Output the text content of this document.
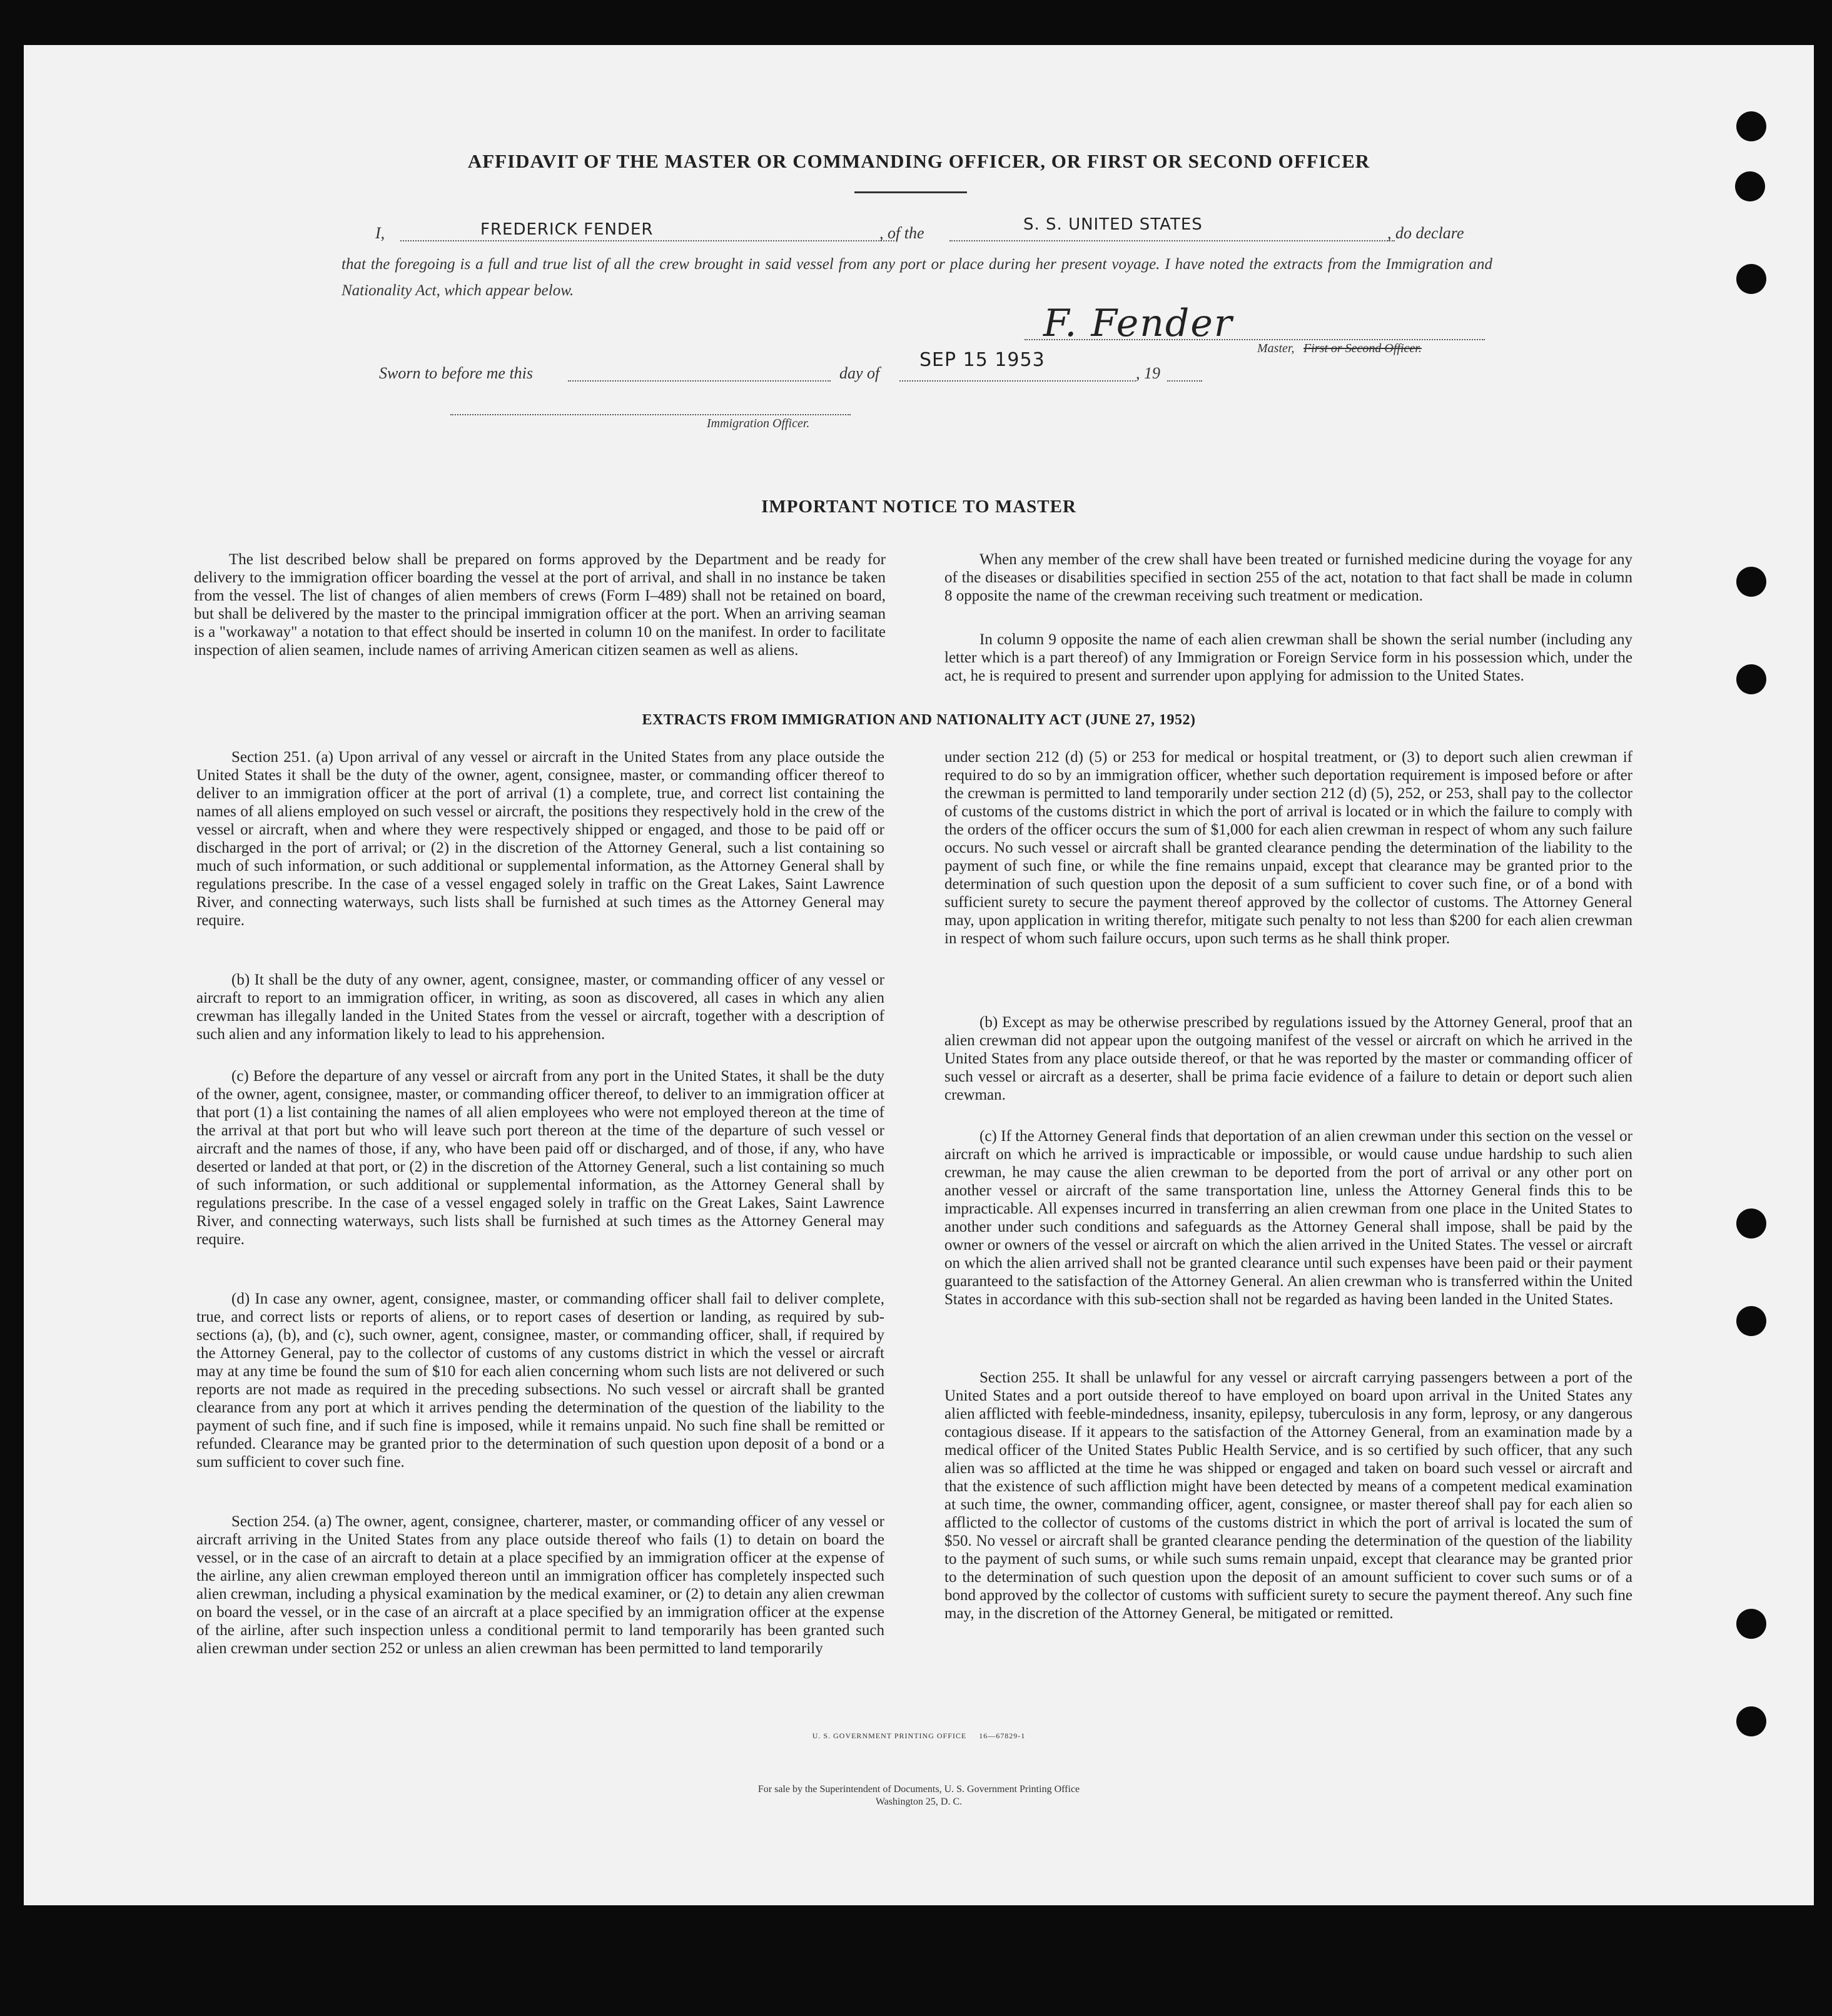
AFFIDAVIT OF THE MASTER OR COMMANDING OFFICER, OR FIRST OR SECOND OFFICER
I,	FREDERICK FENDER	, of the	S. S. UNITED STATES	, do declare
that the foregoing is a full and true list of all the crew brought in said vessel from any port or place during her present voyage. I have noted the extracts from the Immigration and Nationality Act, which appear below.
F. Fender
Master, First or Second Officer.
Sworn to before me this	day of
SEP 15 1953
, 19
Immigration Officer.
IMPORTANT NOTICE TO MASTER

The list described below shall be prepared on forms approved by the Department and be ready for delivery to the immigration officer boarding the vessel at the port of arrival, and shall in no instance be taken from the vessel. The list of changes of alien members of crews (Form I–489) shall not be retained on board, but shall be delivered by the master to the principal immigration officer at the port. When an arriving seaman is a "workaway" a notation to that effect should be inserted in column 10 on the manifest. In order to facilitate inspection of alien seamen, include names of arriving American citizen seamen as well as aliens.

When any member of the crew shall have been treated or furnished medicine during the voyage for any of the diseases or disabilities specified in section 255 of the act, notation to that fact shall be made in column 8 opposite the name of the crewman receiving such treatment or medication.

In column 9 opposite the name of each alien crewman shall be shown the serial number (including any letter which is a part thereof) of any Immigration or Foreign Service form in his possession which, under the act, he is required to present and surrender upon applying for admission to the United States.

EXTRACTS FROM IMMIGRATION AND NATIONALITY ACT (JUNE 27, 1952)

Section 251. (a) Upon arrival of any vessel or aircraft in the United States from any place outside the United States it shall be the duty of the owner, agent, consignee, master, or commanding officer thereof to deliver to an immigration officer at the port of arrival (1) a complete, true, and correct list containing the names of all aliens employed on such vessel or aircraft, the positions they respectively hold in the crew of the vessel or aircraft, when and where they were respectively shipped or engaged, and those to be paid off or discharged in the port of arrival; or (2) in the discretion of the Attorney General, such a list containing so much of such information, or such additional or supplemental information, as the Attorney General shall by regulations prescribe. In the case of a vessel engaged solely in traffic on the Great Lakes, Saint Lawrence River, and connecting waterways, such lists shall be furnished at such times as the Attorney General may require.

(b) It shall be the duty of any owner, agent, consignee, master, or commanding officer of any vessel or aircraft to report to an immigration officer, in writing, as soon as discovered, all cases in which any alien crewman has illegally landed in the United States from the vessel or aircraft, together with a description of such alien and any information likely to lead to his apprehension.

(c) Before the departure of any vessel or aircraft from any port in the United States, it shall be the duty of the owner, agent, consignee, master, or commanding officer thereof, to deliver to an immigration officer at that port (1) a list containing the names of all alien employees who were not employed thereon at the time of the arrival at that port but who will leave such port thereon at the time of the departure of such vessel or aircraft and the names of those, if any, who have been paid off or discharged, and of those, if any, who have deserted or landed at that port, or (2) in the discretion of the Attorney General, such a list containing so much of such information, or such additional or supplemental information, as the Attorney General shall by regulations prescribe. In the case of a vessel engaged solely in traffic on the Great Lakes, Saint Lawrence River, and connecting waterways, such lists shall be furnished at such times as the Attorney General may require.

(d) In case any owner, agent, consignee, master, or commanding officer shall fail to deliver complete, true, and correct lists or reports of aliens, or to report cases of desertion or landing, as required by sub-sections (a), (b), and (c), such owner, agent, consignee, master, or commanding officer, shall, if required by the Attorney General, pay to the collector of customs of any customs district in which the vessel or aircraft may at any time be found the sum of $10 for each alien concerning whom such lists are not delivered or such reports are not made as required in the preceding subsections. No such vessel or aircraft shall be granted clearance from any port at which it arrives pending the determination of the question of the liability to the payment of such fine, and if such fine is imposed, while it remains unpaid. No such fine shall be remitted or refunded. Clearance may be granted prior to the determination of such question upon deposit of a bond or a sum sufficient to cover such fine.

Section 254. (a) The owner, agent, consignee, charterer, master, or commanding officer of any vessel or aircraft arriving in the United States from any place outside thereof who fails (1) to detain on board the vessel, or in the case of an aircraft to detain at a place specified by an immigration officer at the expense of the airline, any alien crewman employed thereon until an immigration officer has completely inspected such alien crewman, including a physical examination by the medical examiner, or (2) to detain any alien crewman on board the vessel, or in the case of an aircraft at a place specified by an immigration officer at the expense of the airline, after such inspection unless a conditional permit to land temporarily has been granted such alien crewman under section 252 or unless an alien crewman has been permitted to land temporarily

under section 212 (d) (5) or 253 for medical or hospital treatment, or (3) to deport such alien crewman if required to do so by an immigration officer, whether such deportation requirement is imposed before or after the crewman is permitted to land temporarily under section 212 (d) (5), 252, or 253, shall pay to the collector of customs of the customs district in which the port of arrival is located or in which the failure to comply with the orders of the officer occurs the sum of $1,000 for each alien crewman in respect of whom any such failure occurs. No such vessel or aircraft shall be granted clearance pending the determination of the liability to the payment of such fine, or while the fine remains unpaid, except that clearance may be granted prior to the determination of such question upon the deposit of a sum sufficient to cover such fine, or of a bond with sufficient surety to secure the payment thereof approved by the collector of customs. The Attorney General may, upon application in writing therefor, mitigate such penalty to not less than $200 for each alien crewman in respect of whom such failure occurs, upon such terms as he shall think proper.

(b) Except as may be otherwise prescribed by regulations issued by the Attorney General, proof that an alien crewman did not appear upon the outgoing manifest of the vessel or aircraft on which he arrived in the United States from any place outside thereof, or that he was reported by the master or commanding officer of such vessel or aircraft as a deserter, shall be prima facie evidence of a failure to detain or deport such alien crewman.

(c) If the Attorney General finds that deportation of an alien crewman under this section on the vessel or aircraft on which he arrived is impracticable or impossible, or would cause undue hardship to such alien crewman, he may cause the alien crewman to be deported from the port of arrival or any other port on another vessel or aircraft of the same transportation line, unless the Attorney General finds this to be impracticable. All expenses incurred in transferring an alien crewman from one place in the United States to another under such conditions and safeguards as the Attorney General shall impose, shall be paid by the owner or owners of the vessel or aircraft on which the alien arrived in the United States. The vessel or aircraft on which the alien arrived shall not be granted clearance until such expenses have been paid or their payment guaranteed to the satisfaction of the Attorney General. An alien crewman who is transferred within the United States in accordance with this sub-section shall not be regarded as having been landed in the United States.

Section 255. It shall be unlawful for any vessel or aircraft carrying passengers between a port of the United States and a port outside thereof to have employed on board upon arrival in the United States any alien afflicted with feeble-mindedness, insanity, epilepsy, tuberculosis in any form, leprosy, or any dangerous contagious disease. If it appears to the satisfaction of the Attorney General, from an examination made by a medical officer of the United States Public Health Service, and is so certified by such officer, that any such alien was so afflicted at the time he was shipped or engaged and taken on board such vessel or aircraft and that the existence of such affliction might have been detected by means of a competent medical examination at such time, the owner, commanding officer, agent, consignee, or master thereof shall pay for each alien so afflicted to the collector of customs of the customs district in which the port of arrival is located the sum of $50. No vessel or aircraft shall be granted clearance pending the determination of the question of the liability to the payment of such sums, or while such sums remain unpaid, except that clearance may be granted prior to the determination of such question upon the deposit of an amount sufficient to cover such sums or of a bond approved by the collector of customs with sufficient surety to secure the payment thereof. Any such fine may, in the discretion of the Attorney General, be mitigated or remitted.

U. S. GOVERNMENT PRINTING OFFICE     16—67829-1
For sale by the Superintendent of Documents, U. S. Government Printing Office
Washington 25, D. C.
